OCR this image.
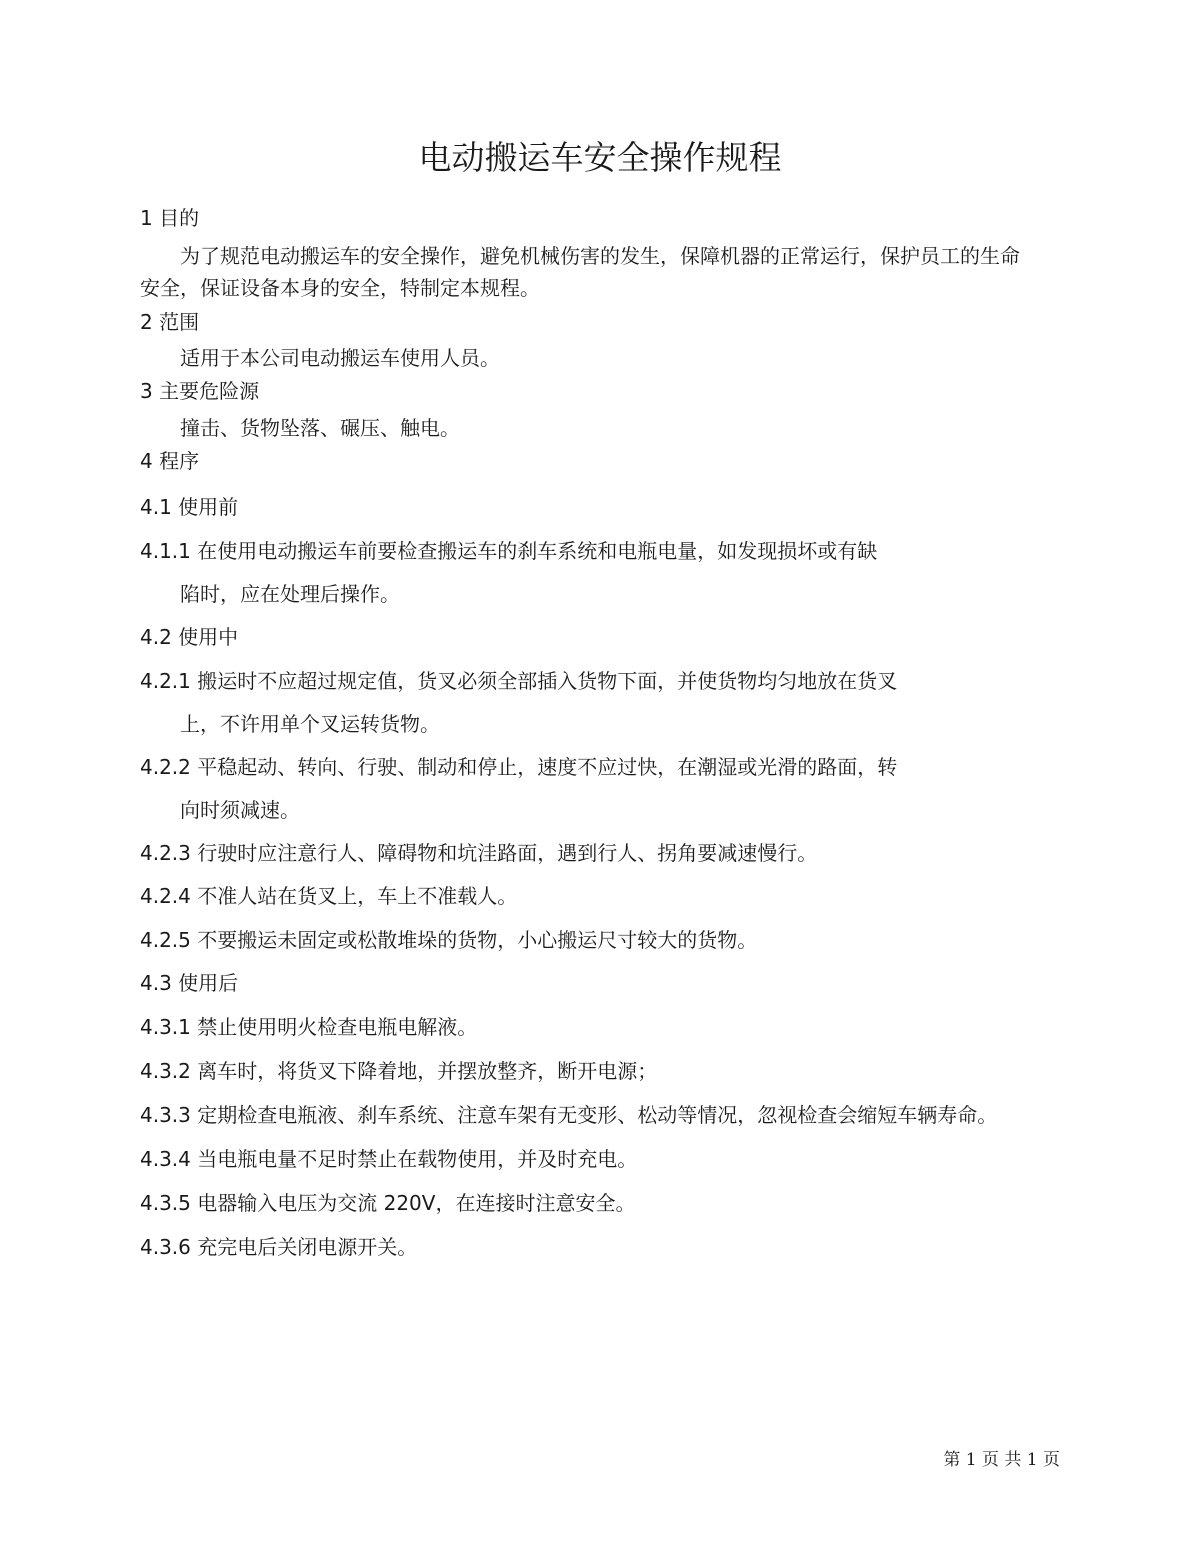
电动搬运车安全操作规程
1 目的
为了规范电动搬运车的安全操作，避免机械伤害的发生，保障机器的正常运行，保护员工的生命
安全，保证设备本身的安全，特制定本规程。
2 范围
适用于本公司电动搬运车使用人员。
3 主要危险源
撞击、货物坠落、碾压、触电。
4 程序
4.1 使用前
4.1.1 在使用电动搬运车前要检查搬运车的刹车系统和电瓶电量，如发现损坏或有缺
陷时，应在处理后操作。
4.2 使用中
4.2.1 搬运时不应超过规定值，货叉必须全部插入货物下面，并使货物均匀地放在货叉
上，不许用单个叉运转货物。
4.2.2 平稳起动、转向、行驶、制动和停止，速度不应过快，在潮湿或光滑的路面，转
向时须减速。
4.2.3 行驶时应注意行人、障碍物和坑洼路面，遇到行人、拐角要减速慢行。
4.2.4 不准人站在货叉上，车上不准载人。
4.2.5 不要搬运未固定或松散堆垛的货物，小心搬运尺寸较大的货物。
4.3 使用后
4.3.1 禁止使用明火检查电瓶电解液。
4.3.2 离车时，将货叉下降着地，并摆放整齐，断开电源；
4.3.3 定期检查电瓶液、刹车系统、注意车架有无变形、松动等情况，忽视检查会缩短车辆寿命。
4.3.4 当电瓶电量不足时禁止在载物使用，并及时充电。
4.3.5 电器输入电压为交流 220V，在连接时注意安全。
4.3.6 充完电后关闭电源开关。
第 1 页 共 1 页
